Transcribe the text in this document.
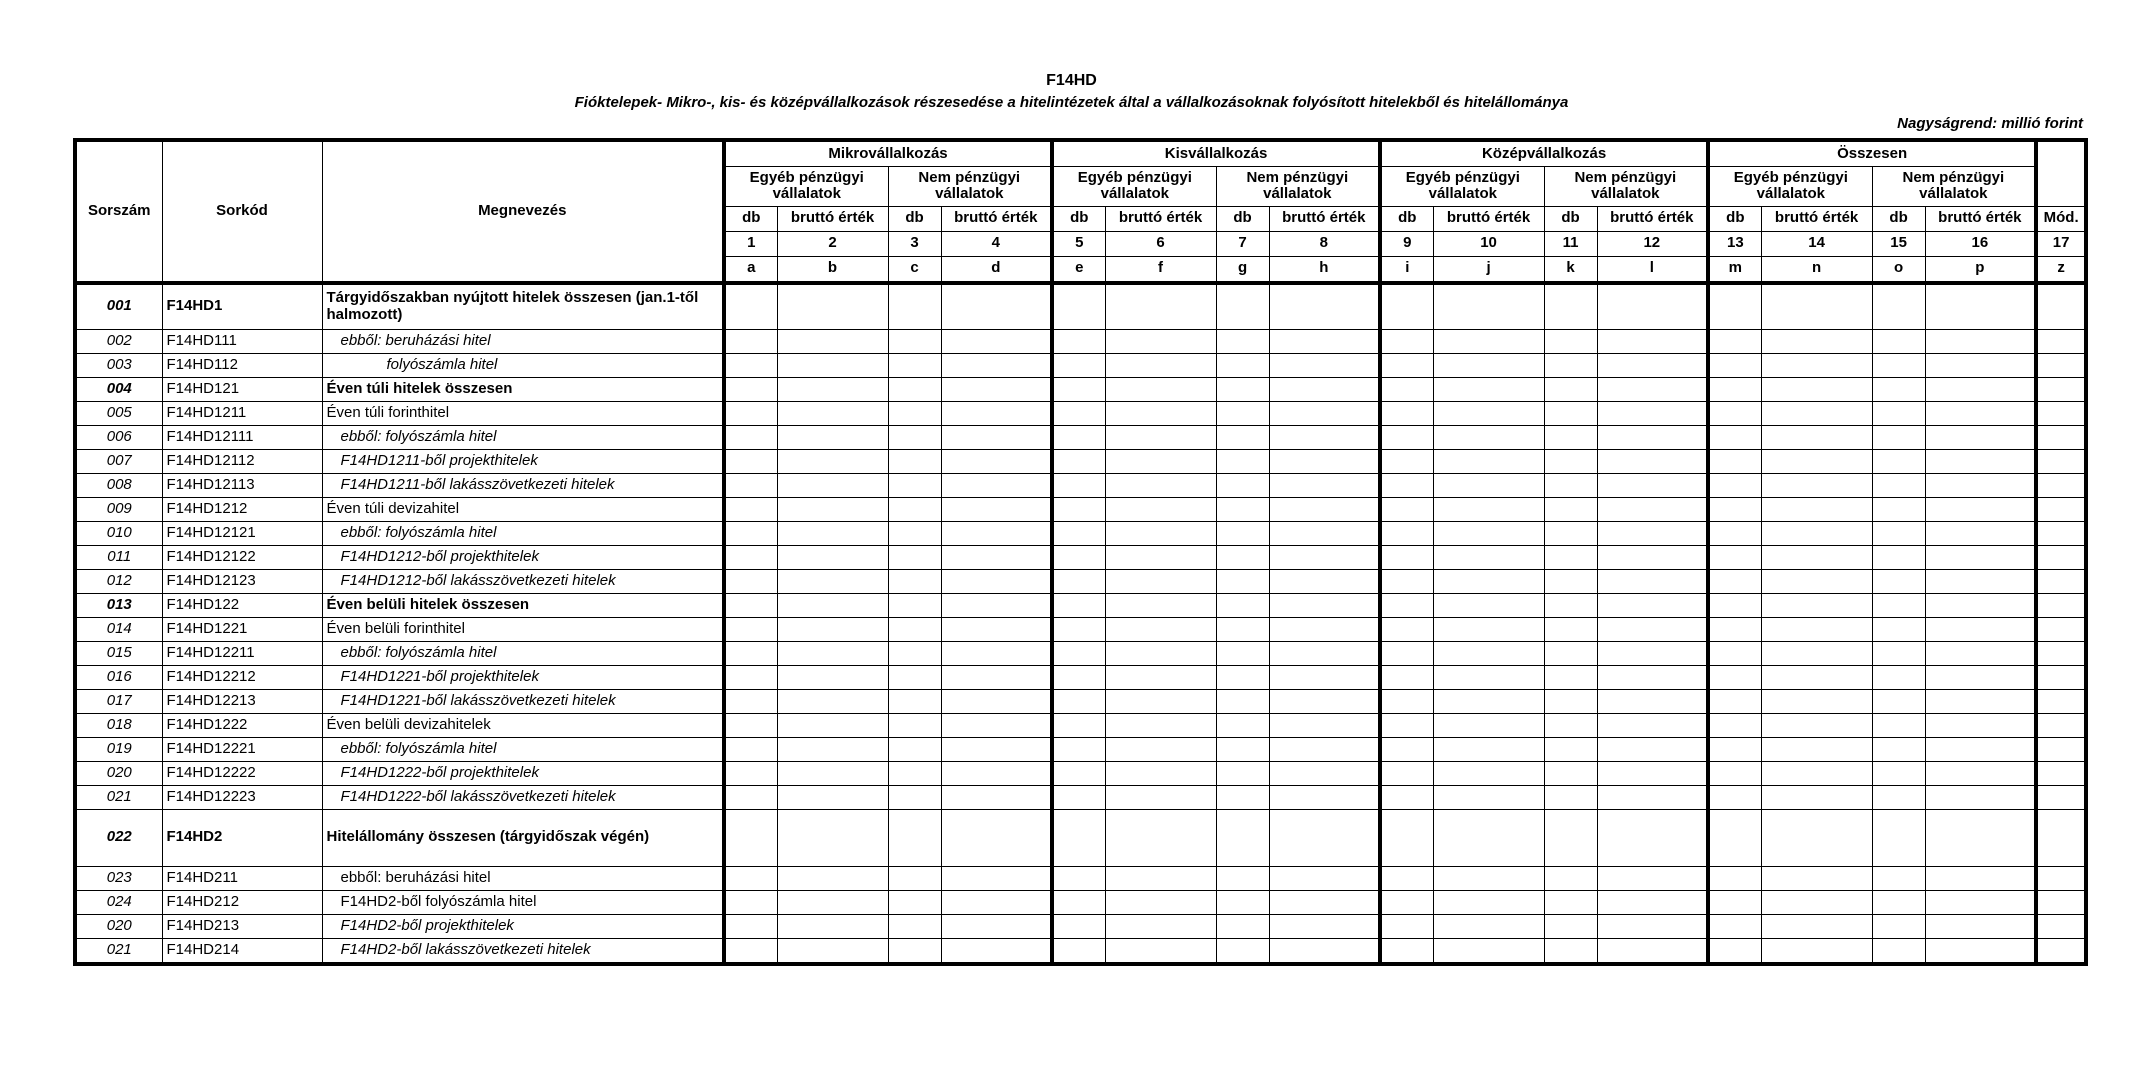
F14HD
Fióktelepek- Mikro-, kis- és középvállalkozások részesedése a hitelintézetek által a vállalkozásoknak folyósított hitelekből és hitelállománya
Nagyságrend: millió forint
Sorszám	Sorkód	Megnevezés	Mikrovállalkozás				Kisvállalkozás				Középvállalkozás				Összesen				
			Egyéb pénzügyi vállalatok		Nem pénzügyi vállalatok		Egyéb pénzügyi vállalatok		Nem pénzügyi vállalatok		Egyéb pénzügyi vállalatok		Nem pénzügyi vállalatok		Egyéb pénzügyi vállalatok		Nem pénzügyi vállalatok		
			db	bruttó érték	db	bruttó érték	db	bruttó érték	db	bruttó érték	db	bruttó érték	db	bruttó érték	db	bruttó érték	db	bruttó érték	Mód.
			1	2	3	4	5	6	7	8	9	10	11	12	13	14	15	16	17
			a	b	c	d	e	f	g	h	i	j	k	l	m	n	o	p	z
001	F14HD1	Tárgyidőszakban nyújtott hitelek összesen (jan.1-től halmozott)																	
002	F14HD111	ebből: beruházási hitel																	
003	F14HD112	folyószámla hitel																	
004	F14HD121	Éven túli hitelek összesen																	
005	F14HD1211	Éven túli forinthitel																	
006	F14HD12111	ebből: folyószámla hitel																	
007	F14HD12112	F14HD1211-ből projekthitelek																	
008	F14HD12113	F14HD1211-ből lakásszövetkezeti hitelek																	
009	F14HD1212	Éven túli devizahitel																	
010	F14HD12121	ebből: folyószámla hitel																	
011	F14HD12122	F14HD1212-ből projekthitelek																	
012	F14HD12123	F14HD1212-ből lakásszövetkezeti hitelek																	
013	F14HD122	Éven belüli hitelek összesen																	
014	F14HD1221	Éven belüli forinthitel																	
015	F14HD12211	ebből: folyószámla hitel																	
016	F14HD12212	F14HD1221-ből projekthitelek																	
017	F14HD12213	F14HD1221-ből lakásszövetkezeti hitelek																	
018	F14HD1222	Éven belüli devizahitelek																	
019	F14HD12221	ebből: folyószámla hitel																	
020	F14HD12222	F14HD1222-ből projekthitelek																	
021	F14HD12223	F14HD1222-ből lakásszövetkezeti hitelek																	
022	F14HD2	Hitelállomány összesen (tárgyidőszak végén)																	
023	F14HD211	ebből: beruházási hitel																	
024	F14HD212	F14HD2-ből folyószámla hitel																	
020	F14HD213	F14HD2-ből projekthitelek																	
021	F14HD214	F14HD2-ből lakásszövetkezeti hitelek																	
